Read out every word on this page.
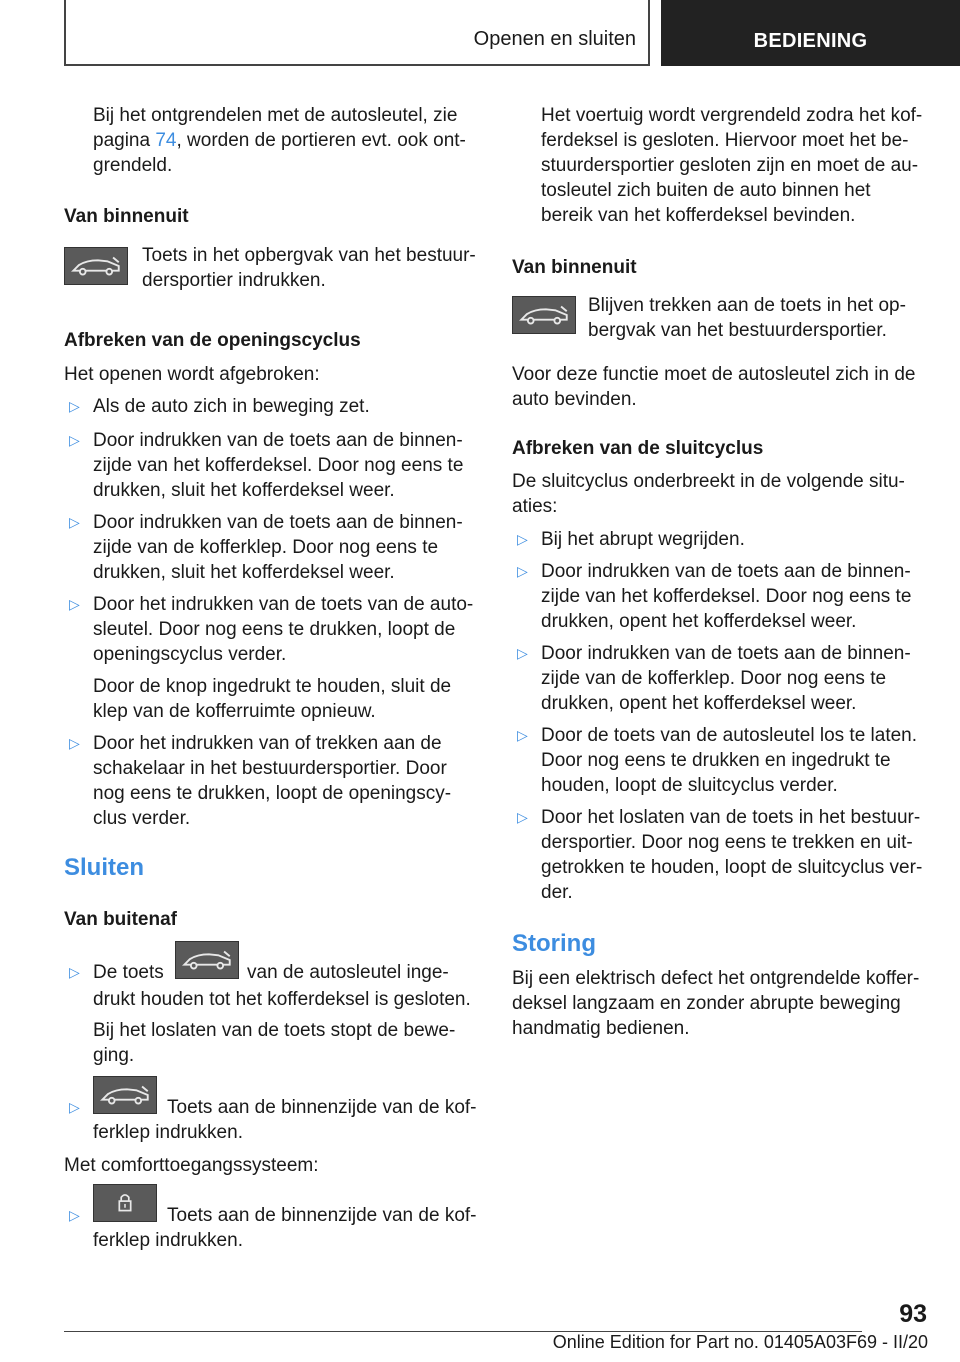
Openen en sluiten	BEDIENING
Bij het ontgrendelen met de autosleutel, zie
pagina 74, worden de portieren evt. ook ont-
grendeld.
Van binnenuit
Toets in het opbergvak van het bestuur-
dersportier indrukken.
Afbreken van de openingscyclus
Het openen wordt afgebroken:
▷ Als de auto zich in beweging zet.
▷ Door indrukken van de toets aan de binnen-
zijde van het kofferdeksel. Door nog eens te
drukken, sluit het kofferdeksel weer.
▷ Door indrukken van de toets aan de binnen-
zijde van de kofferklep. Door nog eens te
drukken, sluit het kofferdeksel weer.
▷ Door het indrukken van de toets van de auto-
sleutel. Door nog eens te drukken, loopt de
openingscyclus verder.
Door de knop ingedrukt te houden, sluit de
klep van de kofferruimte opnieuw.
▷ Door het indrukken van of trekken aan de
schakelaar in het bestuurdersportier. Door
nog eens te drukken, loopt de openingscy-
clus verder.
Sluiten
Van buitenaf
▷ De toets	van de autosleutel inge-
drukt houden tot het kofferdeksel is gesloten.
Bij het loslaten van de toets stopt de bewe-
ging.
▷	Toets aan de binnenzijde van de kof-
ferklep indrukken.
Met comforttoegangssysteem:
▷	Toets aan de binnenzijde van de kof-
ferklep indrukken.
Het voertuig wordt vergrendeld zodra het kof-
ferdeksel is gesloten. Hiervoor moet het be-
stuurdersportier gesloten zijn en moet de au-
tosleutel zich buiten de auto binnen het
bereik van het kofferdeksel bevinden.
Van binnenuit
Blijven trekken aan de toets in het op-
bergvak van het bestuurdersportier.
Voor deze functie moet de autosleutel zich in de
auto bevinden.
Afbreken van de sluitcyclus
De sluitcyclus onderbreekt in de volgende situ-
aties:
▷ Bij het abrupt wegrijden.
▷ Door indrukken van de toets aan de binnen-
zijde van het kofferdeksel. Door nog eens te
drukken, opent het kofferdeksel weer.
▷ Door indrukken van de toets aan de binnen-
zijde van de kofferklep. Door nog eens te
drukken, opent het kofferdeksel weer.
▷ Door de toets van de autosleutel los te laten.
Door nog eens te drukken en ingedrukt te
houden, loopt de sluitcyclus verder.
▷ Door het loslaten van de toets in het bestuur-
dersportier. Door nog eens te trekken en uit-
getrokken te houden, loopt de sluitcyclus ver-
der.
Storing
Bij een elektrisch defect het ontgrendelde koffer-
deksel langzaam en zonder abrupte beweging
handmatig bedienen.
93
Online Edition for Part no. 01405A03F69 - II/20
